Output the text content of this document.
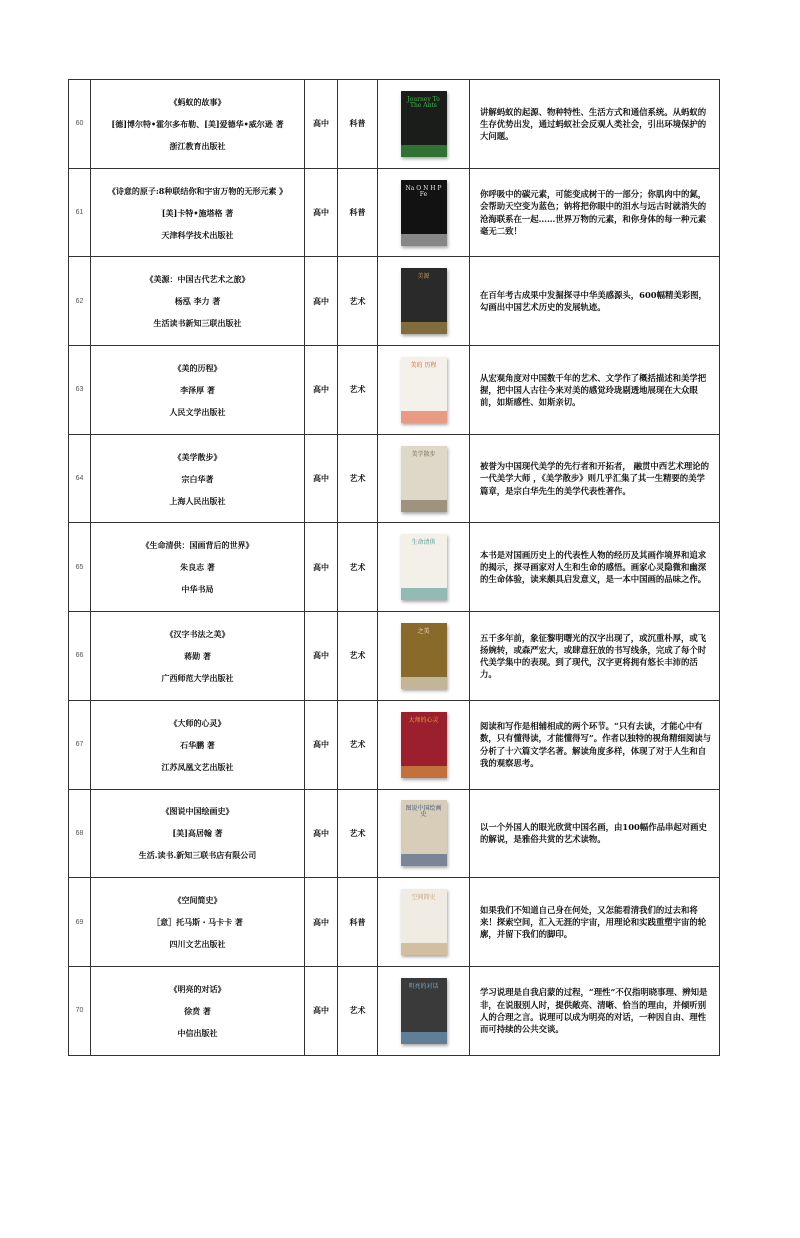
60	《蚂蚁的故事》
[德]博尔特•霍尔多布勒、[美]爱德华•威尔逊 著
浙江教育出版社	高中	科普	Journey To The Ants	讲解蚂蚁的起源、物种特性、生活方式和通信系统。从蚂蚁的生存优势出发，通过蚂蚁社会反观人类社会，引出环境保护的大问题。
61	《诗意的原子:8种联结你和宇宙万物的无形元素 》
[美]卡特•施塔格 著
天津科学技术出版社	高中	科普	Na O N H P Fe	你呼吸中的碳元素，可能变成树干的一部分；你肌肉中的氮，会帮助天空变为蓝色；钠将把你眼中的泪水与远古时就消失的沧海联系在一起……世界万物的元素，和你身体的每一种元素毫无二致！
62	《美源：中国古代艺术之旅》
杨泓 李力 著
生活读书新知三联出版社	高中	艺术	美源	在百年考古成果中发掘探寻中华美感源头，600幅精美彩图，勾画出中国艺术历史的发展轨迹。
63	《美的历程》
李泽厚 著
人民文学出版社	高中	艺术	美的 历程	从宏观角度对中国数千年的艺术、文学作了概括描述和美学把握，把中国人古往今来对美的感觉玲珑剔透地展现在大众眼前，如斯感性、如斯亲切。
64	《美学散步》
宗白华著
上海人民出版社	高中	艺术	美学散步	被誉为中国现代美学的先行者和开拓者， 融贯中西艺术理论的一代美学大师 ，《美学散步》则几乎汇集了其一生精要的美学篇章，是宗白华先生的美学代表性著作。
65	《生命清供：国画背后的世界》
朱良志 著
中华书局	高中	艺术	生命清供	本书是对国画历史上的代表性人物的经历及其画作境界和追求的揭示，探寻画家对人生和生命的感悟。画家心灵隐微和幽深的生命体验，读来颇具启发意义，是一本中国画的品味之作。
66	《汉字书法之美》
蒋勋 著
广西师范大学出版社	高中	艺术	之美	五千多年前，象征黎明曙光的汉字出现了，或沉重朴厚，或飞扬婉转，或森严宏大，或肆意狂放的书写线条，完成了每个时代美学集中的表现。到了现代，汉字更将拥有悠长丰沛的活力。
67	《大师的心灵》
石华鹏 著
江苏凤凰文艺出版社	高中	艺术	大师的心灵	阅读和写作是相辅相成的两个环节。“只有去读，才能心中有数，只有懂得读，才能懂得写”。作者以独特的视角精细阅读与分析了十六篇文学名著。解读角度多样，体现了对于人生和自我的观察思考。
68	《图说中国绘画史》
[美]高居翰 著
生活.读书.新知三联书店有限公司	高中	艺术	图说中国绘画史	以一个外国人的眼光欣赏中国名画，由100幅作品串起对画史的解说，是雅俗共赏的艺术读物。
69	《空间简史》
［意］托马斯・马卡卡 著
四川文艺出版社	高中	科普	空间简史	如果我们不知道自己身在何处，又怎能看清我们的过去和将来！探索空间，汇入无涯的宇宙，用理论和实践重塑宇宙的轮廓，并留下我们的脚印。
70	《明亮的对话》
徐贲 著
中信出版社	高中	艺术	明亮的对话	学习说理是自我启蒙的过程，“理性”不仅指明晓事理、辨知是非，在说服别人时，提供敞亮、清晰、恰当的理由，并倾听别人的合理之言。说理可以成为明亮的对话，一种因自由、理性而可持续的公共交谈。
